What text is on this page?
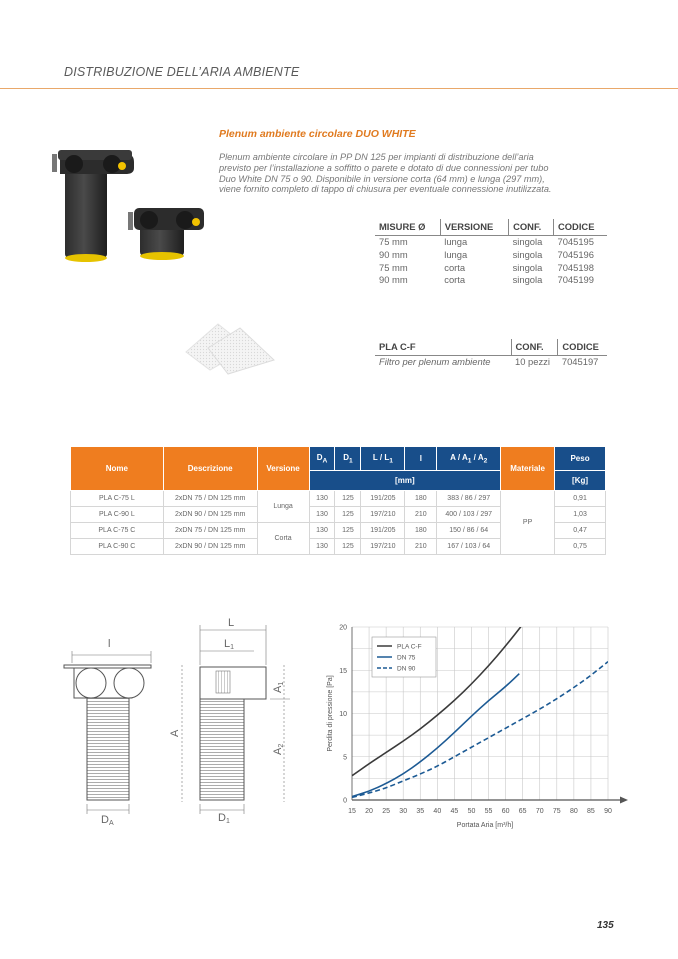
DISTRIBUZIONE DELL’ARIA AMBIENTE
Plenum ambiente circolare DUO WHITE
Plenum ambiente circolare in PP DN 125 per impianti di distribuzione dell’aria
previsto per l’installazione a soffitto o parete e dotato di due connessioni per tubo
Duo White DN 75 o 90. Disponibile in versione corta (64 mm) e lunga (297 mm),
viene fornito completo di tappo di chiusura per eventuale connessione inutilizzata.
MISURE Ø	VERSIONE	CONF.	CODICE
75 mm	lunga	singola	7045195
90 mm	lunga	singola	7045196
75 mm	corta	singola	7045198
90 mm	corta	singola	7045199
PLA C-F	CONF.	CODICE
Filtro per plenum ambiente	10 pezzi	7045197
Nome	Descrizione	Versione	$D_A$	$D_1$	L / $L_1$	l	A / $A_1 / A_2$	Materiale	Peso
			[mm]						[Kg]
PLA C-75 L	2xDN 75 / DN 125 mm	Lunga	130	125	191/205	180	383 / 86 / 297	PP	0,91
PLA C-90 L	2xDN 90 / DN 125 mm		130	125	197/210	210	400 / 103 / 297		1,03
PLA C-75 C	2xDN 75 / DN 125 mm	Corta	130	125	191/205	180	150 / 86 / 64		0,47
PLA C-90 C	2xDN 90 / DN 125 mm		130	125	197/210	210	167 / 103 / 64		0,75
l
DA
L
L1
A
A1
A2
D1
15 20 25 30 35 40 45 50 55 60 65 70 75 80 85 90
0
5
10
15
20
Portata Aria [m³/h]
Perdita di pressione [Pa]
PLA C-F
DN 75
DN 90
135
